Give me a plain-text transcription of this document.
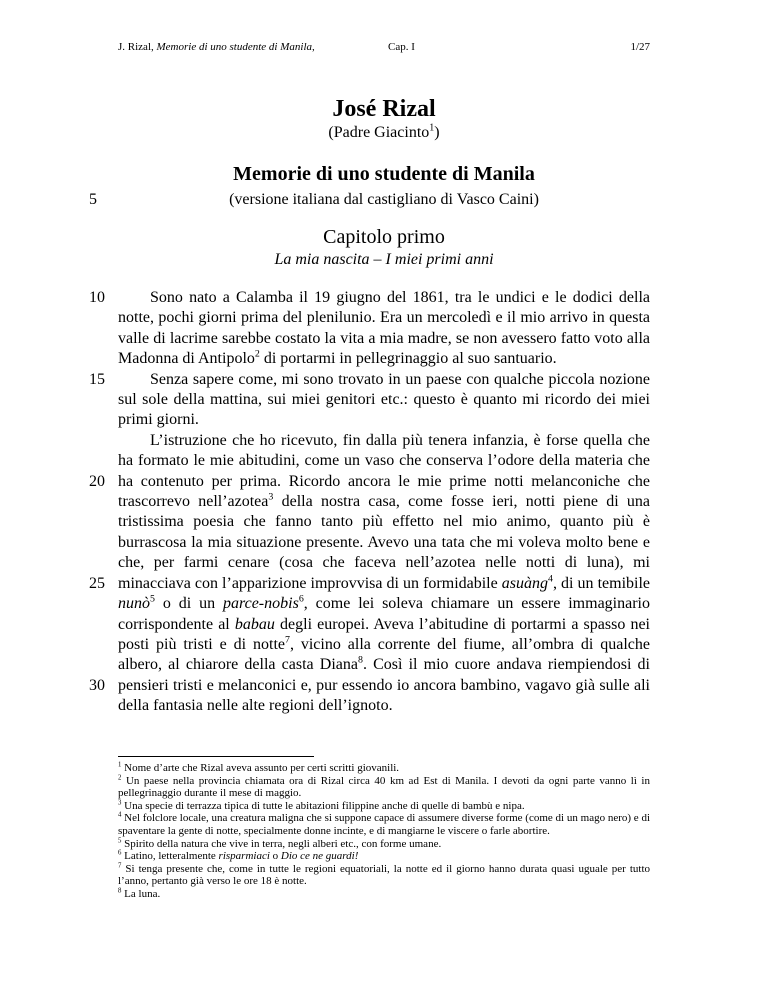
J. Rizal, Memorie di uno studente di Manila,	Cap. I	1/27
José Rizal
(Padre Giacinto$^1$)
Memorie di uno studente di Manila
(versione italiana dal castigliano di Vasco Caini)
Capitolo primo
La mia nascita – I miei primi anni
5
10
15
20
25
30

Sono nato a Calamba il 19 giugno del 1861, tra le undici e le dodici della notte, pochi giorni prima del plenilunio. Era un mercoledì e il mio arrivo in questa valle di lacrime sarebbe costato la vita a mia madre, se non avessero fatto voto alla Madonna di Antipolo$^2$ di portarmi in pellegrinaggio al suo santuario.

Senza sapere come, mi sono trovato in un paese con qualche piccola nozione sul sole della mattina, sui miei genitori etc.: questo è quanto mi ricordo dei miei primi giorni.

L’istruzione che ho ricevuto, fin dalla più tenera infanzia, è forse quella che ha formato le mie abitudini, come un vaso che conserva l’odore della materia che ha contenuto per prima. Ricordo ancora le mie prime notti melanconiche che trascorrevo nell’azotea$^3$ della nostra casa, come fosse ieri, notti piene di una tristissima poesia che fanno tanto più effetto nel mio animo, quanto più è burrascosa la mia situazione presente. Avevo una tata che mi voleva molto bene e che, per farmi cenare (cosa che faceva nell’azotea nelle notti di luna), mi minacciava con l’apparizione improvvisa di un formidabile asuàng$^4$, di un temibile nunò$^5$ o di un parce-nobis$^6$, come lei soleva chiamare un essere immaginario corrispondente al babau degli europei. Aveva l’abitudine di portarmi a spasso nei posti più tristi e di notte$^7$, vicino alla corrente del fiume, all’ombra di qualche albero, al chiarore della casta Diana$^8$. Così il mio cuore andava riempiendosi di pensieri tristi e melanconici e, pur essendo io ancora bambino, vagavo già sulle ali della fantasia nelle alte regioni dell’ignoto.

$^1$ Nome d’arte che Rizal aveva assunto per certi scritti giovanili.

$^2$ Un paese nella provincia chiamata ora di Rizal circa 40 km ad Est di Manila. I devoti da ogni parte vanno lì in pellegrinaggio durante il mese di maggio.

$^3$ Una specie di terrazza tipica di tutte le abitazioni filippine anche di quelle di bambù e nipa.

$^4$ Nel folclore locale, una creatura maligna che si suppone capace di assumere diverse forme (come di un mago nero) e di spaventare la gente di notte, specialmente donne incinte, e di mangiarne le viscere o farle abortire.

$^5$ Spirito della natura che vive in terra, negli alberi etc., con forme umane.

$^6$ Latino, letteralmente risparmiaci o Dio ce ne guardi!

$^7$ Si tenga presente che, come in tutte le regioni equatoriali, la notte ed il giorno hanno durata quasi uguale per tutto l’anno, pertanto già verso le ore 18 è notte.

$^8$ La luna.
